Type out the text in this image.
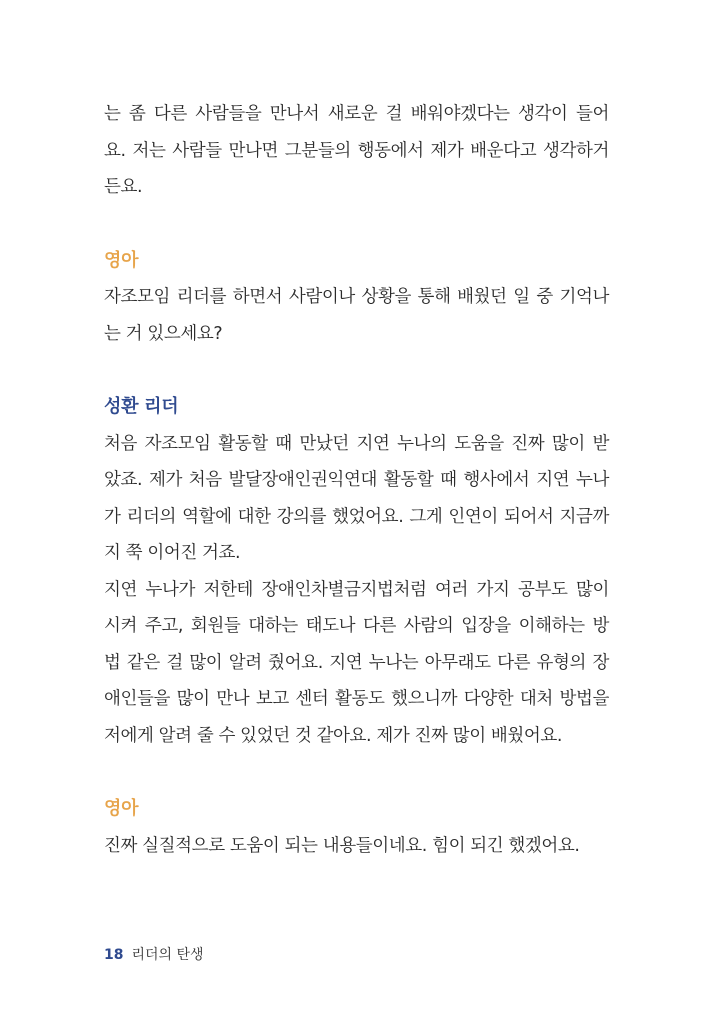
는 좀 다른 사람들을 만나서 새로운 걸 배워야겠다는 생각이 들어
요. 저는 사람들 만나면 그분들의 행동에서 제가 배운다고 생각하거
든요.
영아
자조모임 리더를 하면서 사람이나 상황을 통해 배웠던 일 중 기억나
는 거 있으세요?
성환 리더
처음 자조모임 활동할 때 만났던 지연 누나의 도움을 진짜 많이 받
았죠. 제가 처음 발달장애인권익연대 활동할 때 행사에서 지연 누나
가 리더의 역할에 대한 강의를 했었어요. 그게 인연이 되어서 지금까
지 쭉 이어진 거죠.
지연 누나가 저한테 장애인차별금지법처럼 여러 가지 공부도 많이
시켜 주고, 회원들 대하는 태도나 다른 사람의 입장을 이해하는 방
법 같은 걸 많이 알려 줬어요. 지연 누나는 아무래도 다른 유형의 장
애인들을 많이 만나 보고 센터 활동도 했으니까 다양한 대처 방법을
저에게 알려 줄 수 있었던 것 같아요. 제가 진짜 많이 배웠어요.
영아
진짜 실질적으로 도움이 되는 내용들이네요. 힘이 되긴 했겠어요.
18 리더의 탄생
